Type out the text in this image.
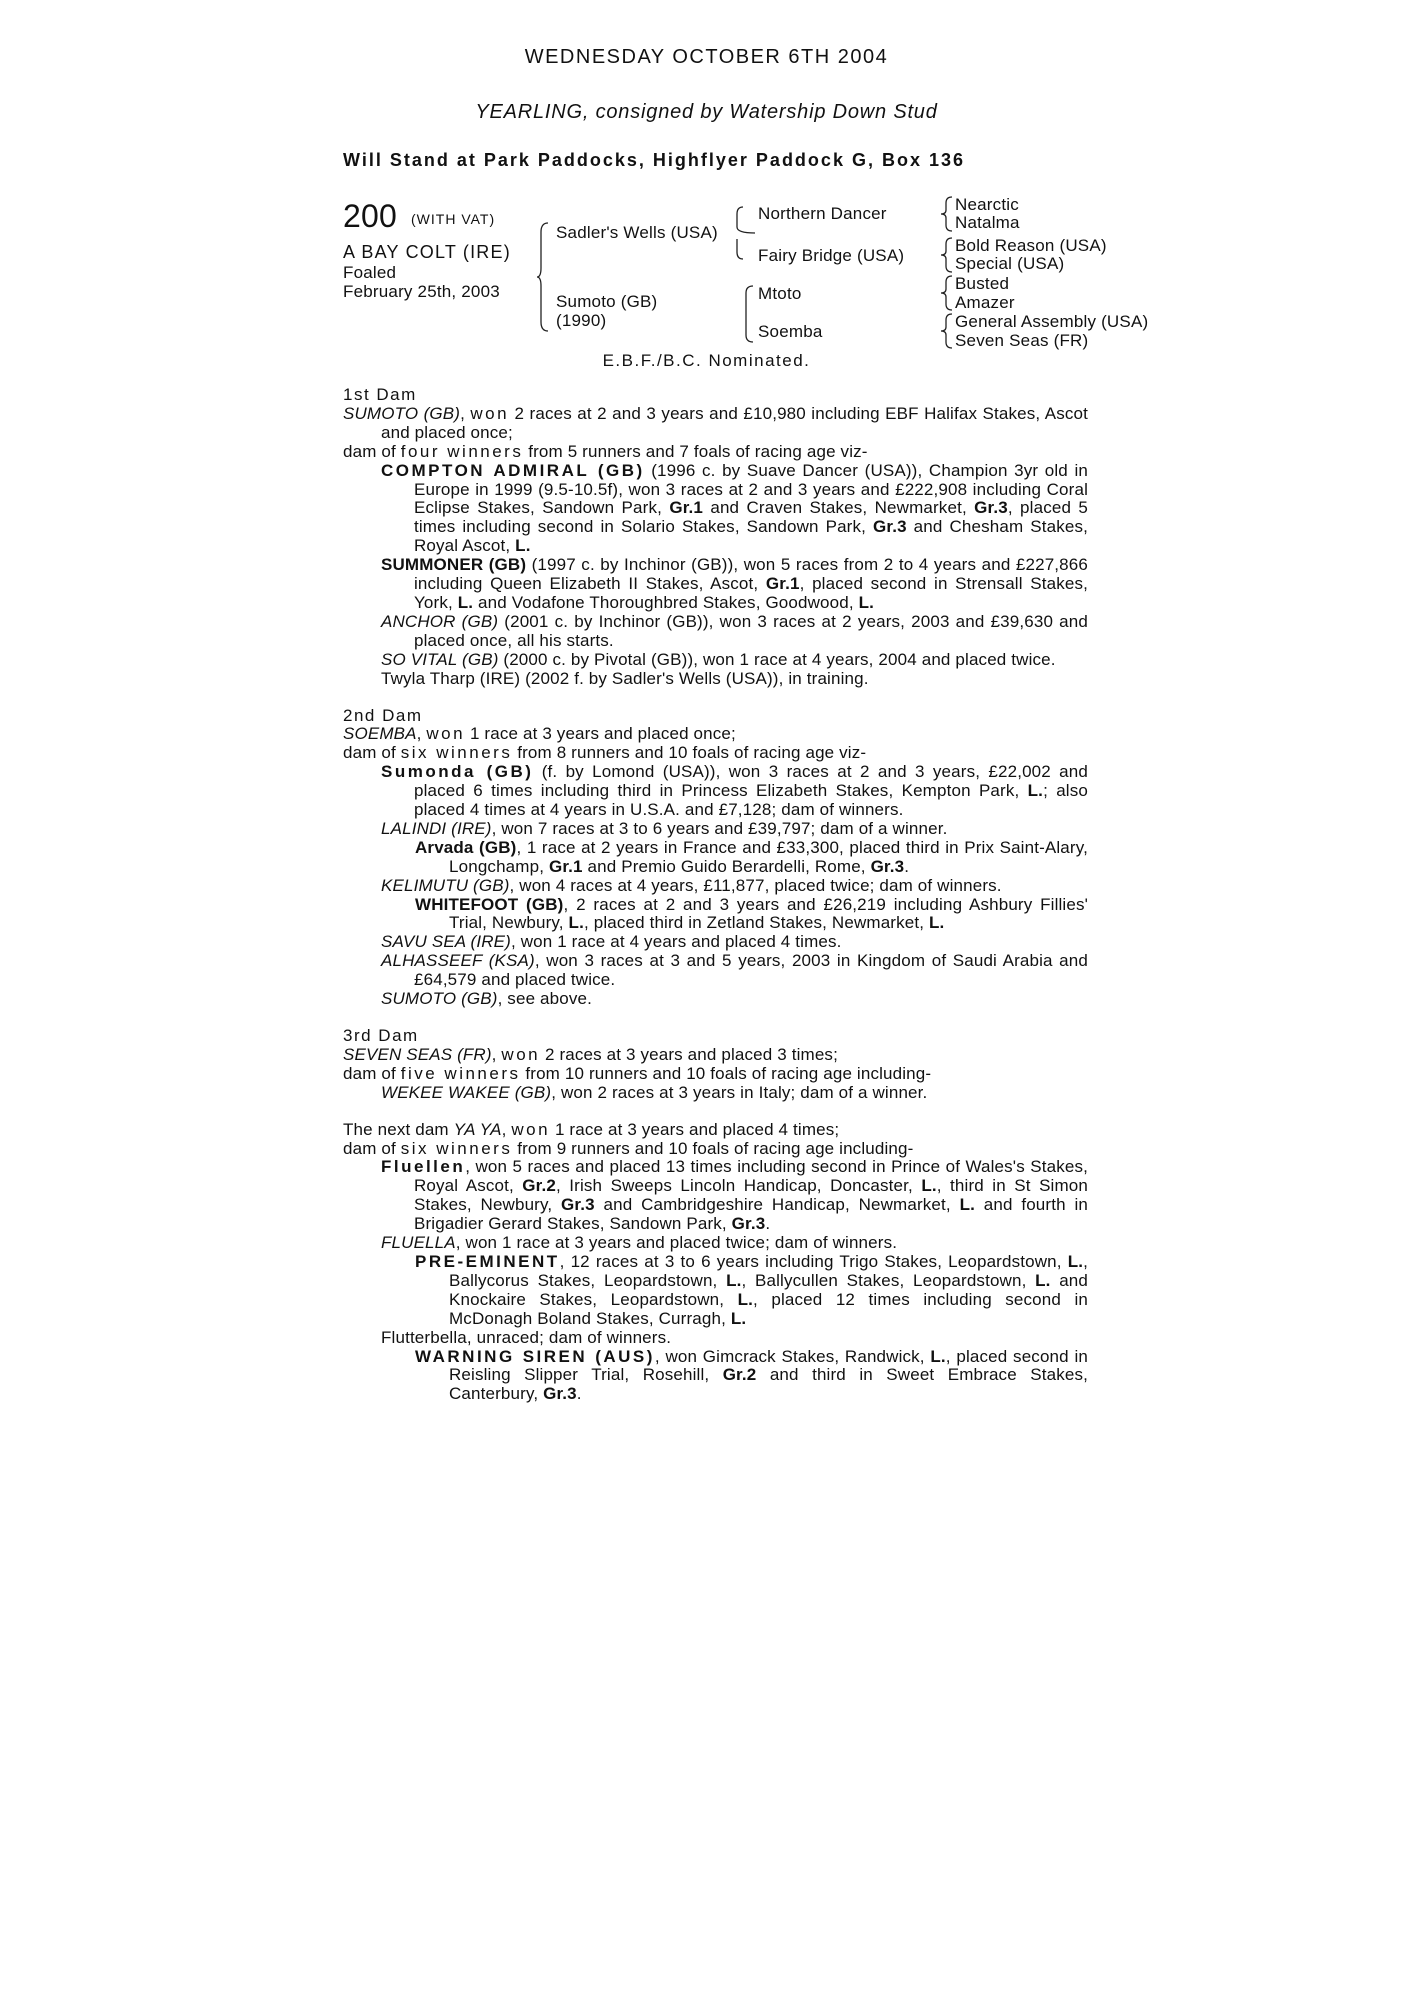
WEDNESDAY OCTOBER 6TH 2004
YEARLING, consigned by Watership Down Stud
Will Stand at Park Paddocks, Highflyer Paddock G, Box 136
200 (WITH VAT)
A BAY COLT (IRE)
Foaled
February 25th, 2003
Sadler's Wells (USA)
Sumoto (GB)
(1990)
Northern Dancer
Fairy Bridge (USA)
Mtoto
Soemba
Nearctic
Natalma
Bold Reason (USA)
Special (USA)
Busted
Amazer
General Assembly (USA)
Seven Seas (FR)
E.B.F./B.C. Nominated.

1st Dam

SUMOTO (GB), won 2 races at 2 and 3 years and £10,980 including EBF Halifax Stakes, Ascot and placed once;

dam of four winners from 5 runners and 7 foals of racing age viz-

COMPTON ADMIRAL (GB) (1996 c. by Suave Dancer (USA)), Champion 3yr old in Europe in 1999 (9.5-10.5f), won 3 races at 2 and 3 years and £222,908 including Coral Eclipse Stakes, Sandown Park, Gr.1 and Craven Stakes, Newmarket, Gr.3, placed 5 times including second in Solario Stakes, Sandown Park, Gr.3 and Chesham Stakes, Royal Ascot, L.

SUMMONER (GB) (1997 c. by Inchinor (GB)), won 5 races from 2 to 4 years and £227,866 including Queen Elizabeth II Stakes, Ascot, Gr.1, placed second in Strensall Stakes, York, L. and Vodafone Thoroughbred Stakes, Goodwood, L.

ANCHOR (GB) (2001 c. by Inchinor (GB)), won 3 races at 2 years, 2003 and £39,630 and placed once, all his starts.

SO VITAL (GB) (2000 c. by Pivotal (GB)), won 1 race at 4 years, 2004 and placed twice.

Twyla Tharp (IRE) (2002 f. by Sadler's Wells (USA)), in training.

2nd Dam

SOEMBA, won 1 race at 3 years and placed once;

dam of six winners from 8 runners and 10 foals of racing age viz-

Sumonda (GB) (f. by Lomond (USA)), won 3 races at 2 and 3 years, £22,002 and placed 6 times including third in Princess Elizabeth Stakes, Kempton Park, L.; also placed 4 times at 4 years in U.S.A. and £7,128; dam of winners.

LALINDI (IRE), won 7 races at 3 to 6 years and £39,797; dam of a winner.

Arvada (GB), 1 race at 2 years in France and £33,300, placed third in Prix Saint-Alary, Longchamp, Gr.1 and Premio Guido Berardelli, Rome, Gr.3.

KELIMUTU (GB), won 4 races at 4 years, £11,877, placed twice; dam of winners.

WHITEFOOT (GB), 2 races at 2 and 3 years and £26,219 including Ashbury Fillies' Trial, Newbury, L., placed third in Zetland Stakes, Newmarket, L.

SAVU SEA (IRE), won 1 race at 4 years and placed 4 times.

ALHASSEEF (KSA), won 3 races at 3 and 5 years, 2003 in Kingdom of Saudi Arabia and £64,579 and placed twice.

SUMOTO (GB), see above.

3rd Dam

SEVEN SEAS (FR), won 2 races at 3 years and placed 3 times;

dam of five winners from 10 runners and 10 foals of racing age including-

WEKEE WAKEE (GB), won 2 races at 3 years in Italy; dam of a winner.

The next dam YA YA, won 1 race at 3 years and placed 4 times;

dam of six winners from 9 runners and 10 foals of racing age including-

Fluellen, won 5 races and placed 13 times including second in Prince of Wales's Stakes, Royal Ascot, Gr.2, Irish Sweeps Lincoln Handicap, Doncaster, L., third in St Simon Stakes, Newbury, Gr.3 and Cambridgeshire Handicap, Newmarket, L. and fourth in Brigadier Gerard Stakes, Sandown Park, Gr.3.

FLUELLA, won 1 race at 3 years and placed twice; dam of winners.

PRE-EMINENT, 12 races at 3 to 6 years including Trigo Stakes, Leopardstown, L., Ballycorus Stakes, Leopardstown, L., Ballycullen Stakes, Leopardstown, L. and Knockaire Stakes, Leopardstown, L., placed 12 times including second in McDonagh Boland Stakes, Curragh, L.

Flutterbella, unraced; dam of winners.

WARNING SIREN (AUS), won Gimcrack Stakes, Randwick, L., placed second in Reisling Slipper Trial, Rosehill, Gr.2 and third in Sweet Embrace Stakes, Canterbury, Gr.3.
